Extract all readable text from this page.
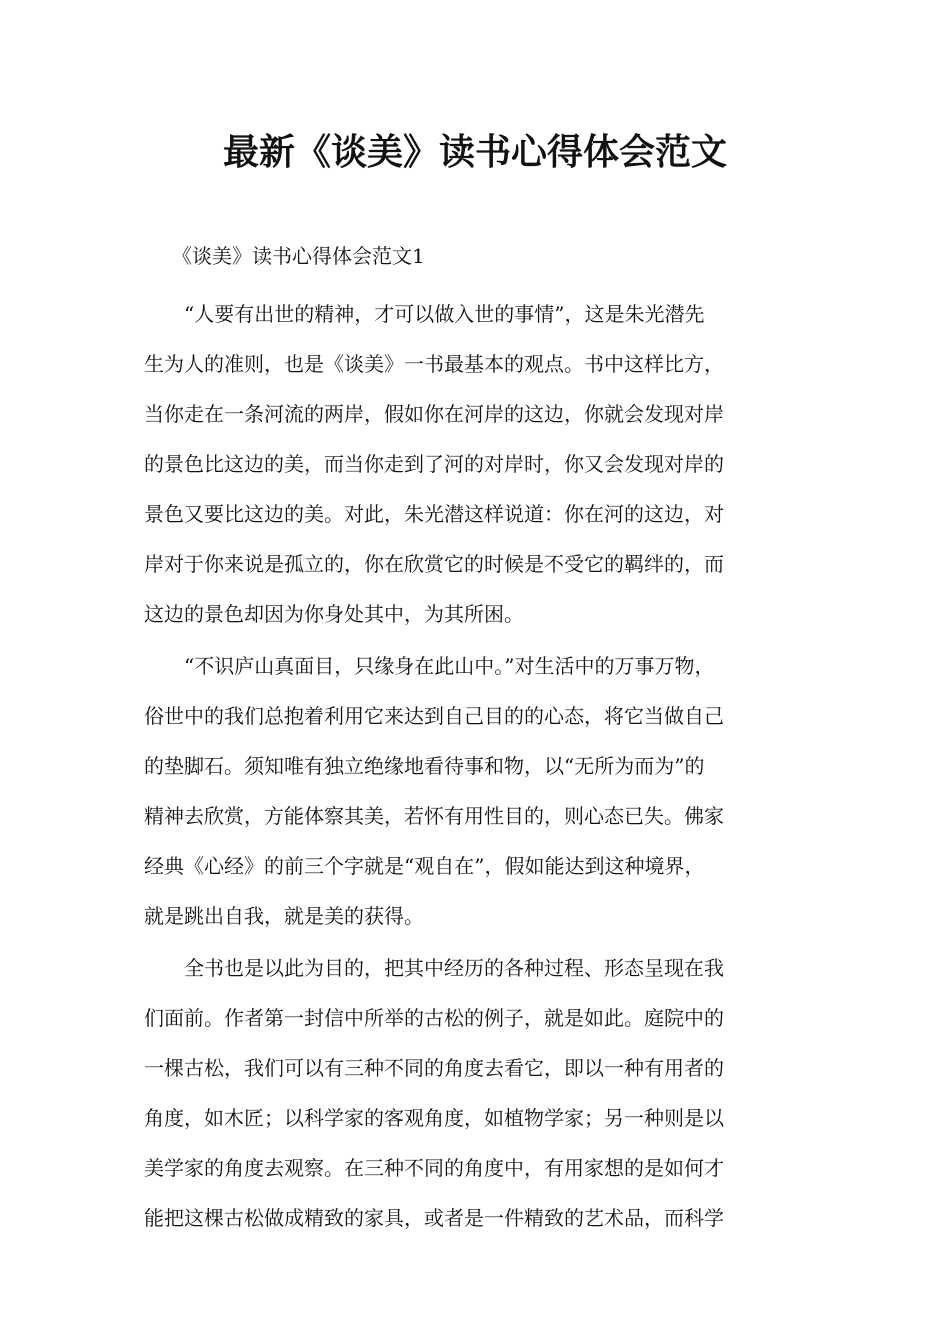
最新《谈美》读书心得体会范文

《谈美》读书心得体会范文1

“人要有出世的精神，才可以做入世的事情”，这是朱光潜先
生为人的准则，也是《谈美》一书最基本的观点。书中这样比方，
当你走在一条河流的两岸，假如你在河岸的这边，你就会发现对岸
的景色比这边的美，而当你走到了河的对岸时，你又会发现对岸的
景色又要比这边的美。对此，朱光潜这样说道：你在河的这边，对
岸对于你来说是孤立的，你在欣赏它的时候是不受它的羁绊的，而
这边的景色却因为你身处其中，为其所困。
“不识庐山真面目，只缘身在此山中。”对生活中的万事万物，
俗世中的我们总抱着利用它来达到自己目的的心态，将它当做自己
的垫脚石。须知唯有独立绝缘地看待事和物，以“无所为而为”的
精神去欣赏，方能体察其美，若怀有用性目的，则心态已失。佛家
经典《心经》的前三个字就是“观自在”，假如能达到这种境界，
就是跳出自我，就是美的获得。
全书也是以此为目的，把其中经历的各种过程、形态呈现在我
们面前。作者第一封信中所举的古松的例子，就是如此。庭院中的
一棵古松，我们可以有三种不同的角度去看它，即以一种有用者的
角度，如木匠；以科学家的客观角度，如植物学家；另一种则是以
美学家的角度去观察。在三种不同的角度中，有用家想的是如何才
能把这棵古松做成精致的家具，或者是一件精致的艺术品，而科学
